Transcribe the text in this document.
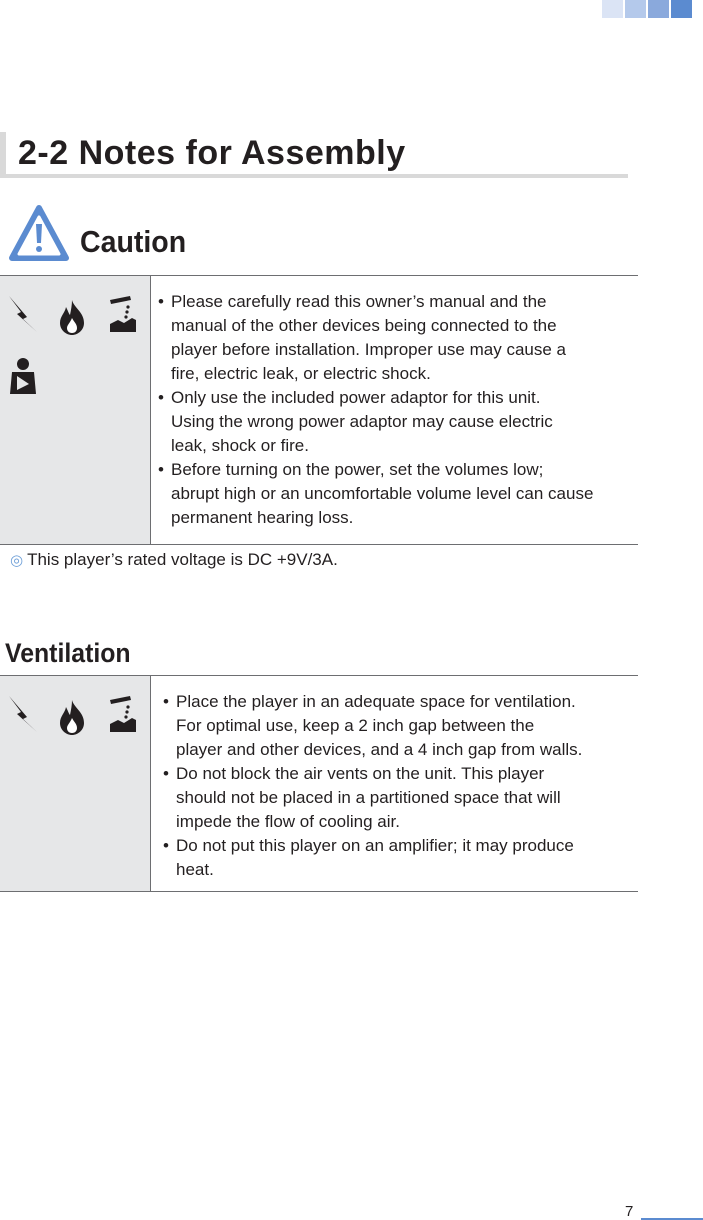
2-2 Notes for Assembly
Caution
• Please carefully read this owner’s manual and the
manual of the other devices being connected to the
player before installation. Improper use may cause a
fire, electric leak, or electric shock.
• Only use the included power adaptor for this unit.
Using the wrong power adaptor may cause electric
leak, shock or fire.
• Before turning on the power, set the volumes low;
abrupt high or an uncomfortable volume level can cause
permanent hearing loss.
◎ This player’s rated voltage is DC +9V/3A.
Ventilation
• Place the player in an adequate space for ventilation.
For optimal use, keep a 2 inch gap between the
player and other devices, and a 4 inch gap from walls.
• Do not block the air vents on the unit. This player
should not be placed in a partitioned space that will
impede the flow of cooling air.
• Do not put this player on an amplifier; it may produce
heat.
7
